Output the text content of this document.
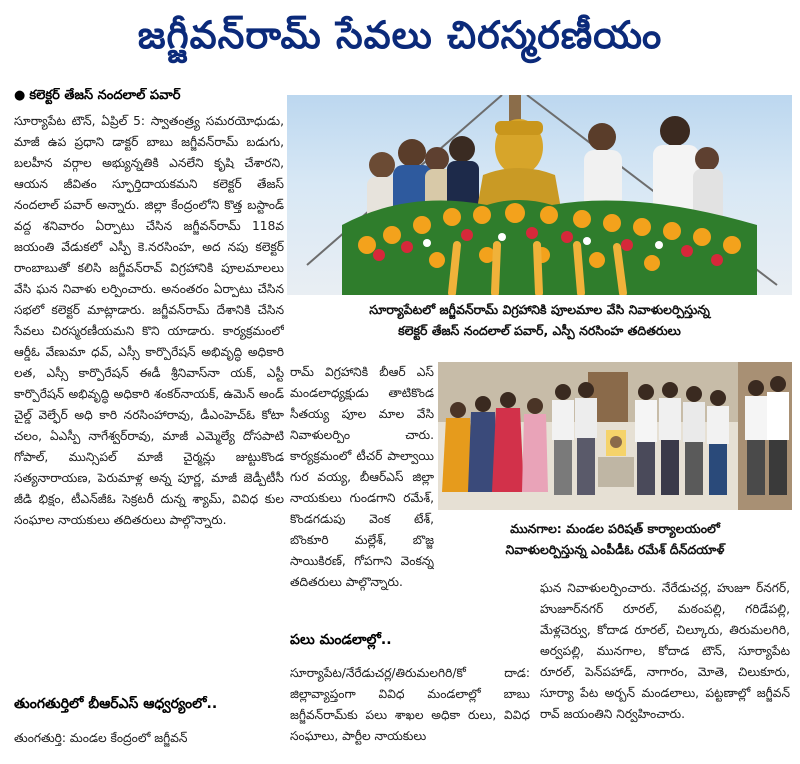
జగ్జీవన్‌రామ్ సేవలు చిరస్మరణీయం
● కలెక్టర్ తేజస్ నందలాల్ పవార్

సూర్యాపేట టౌన్, ఏప్రిల్ 5: స్వాతంత్ర్య సమరయోధుడు, మాజీ ఉప ప్రధాని డాక్టర్ బాబు జగ్జీవన్‌రామ్ బడుగు, బలహీన వర్గాల అభ్యున్నతికి ఎనలేని కృషి చేశారని, ఆయన జీవితం స్ఫూర్తిదాయకమని కలెక్టర్ తేజస్ నందలాల్ పవార్ అన్నారు. జిల్లా కేంద్రంలోని కొత్త బస్టాండ్ వద్ద శనివారం ఏర్పాటు చేసిన జగ్జీవన్‌రామ్ 118వ జయంతి వేడుకలో ఎస్పీ కె.నరసింహ, అద నపు కలెక్టర్ రాంబాబుతో కలిసి జగ్జీవన్‌రావ్ విగ్రహానికి పూలమాలలు వేసి ఘన నివాళు లర్పించారు. అనంతరం ఏర్పాటు చేసిన సభలో కలెక్టర్ మాట్లాడారు. జగ్జీవన్‌రామ్ దేశానికి చేసిన సేవలు చిరస్మరణీయమని కొని యాడారు. కార్యక్రమంలో ఆర్డీఓ వేణుమా ధవ్, ఎస్సీ కార్పొరేషన్ అభివృద్ధి అధికారి లత, ఎస్సీ కార్పొరేషన్ ఈడీ శ్రీనివాస్‌నా యక్, ఎస్టీ కార్పొరేషన్ అభివృద్ధి అధికారి శంకర్‌నాయక్, ఉమెన్ అండ్ చైల్డ్ వెల్ఫేర్ అధి కారి నరసింహారావు, డీఎంహెచ్ఓ కోటా చలం, ఏఎస్పీ నాగేశ్వర్‌రావు, మాజీ ఎమ్మెల్యే దోసపాటి గోపాల్, మున్సిపల్ మాజీ చైర్మన్లు జుట్టుకొండ సత్యనారాయణ, పెరుమాళ్ల అన్న పూర్ణ, మాజీ జెడ్పీటీసీ జీడి భిక్షం, టీఎన్‌జీఓ సెక్రటరీ దున్న శ్యామ్, వివిధ కుల సంఘాల నాయకులు తదితరులు పాల్గొన్నారు.

తుంగతుర్తిలో బీఆర్ఎస్ ఆధ్వర్యంలో..

తుంగతుర్తి: మండల కేంద్రంలో జగ్జీవన్

సూర్యాపేటలో జగ్జీవన్‌రామ్ విగ్రహానికి పూలమాల వేసి నివాళులర్పిస్తున్న
కలెక్టర్ తేజస్ నందలాల్ పవార్, ఎస్పీ నరసింహ తదితరులు

రామ్ విగ్రహానికి బీఆర్ ఎస్ మండలాధ్యక్షుడు తాటికొండ సీతయ్య పూల మాల వేసి నివాళులర్పిం చారు. కార్యక్రమంలో టీచర్ పాల్వాయి గుర వయ్య, బీఆర్ఎస్ జిల్లా నాయకులు గుండగాని రమేశ్, కొండగడుపు వెంక టేశ్, బొంకూరి మల్లేశ్, బొజ్జ సాయికిరణ్, గోపగాని వెంకన్న తదితరులు పాల్గొన్నారు.

మునగాల: మండల పరిషత్ కార్యాలయంలో
నివాళులర్పిస్తున్న ఎంపీడీఓ రమేశ్ దీన్‌దయాళ్
పలు మండలాల్లో..

సూర్యాపేట/నేరేడుచర్ల/తిరుమలగిరి/కో దాడ: జిల్లావ్యాప్తంగా వివిధ మండలాల్లో బాబు జగ్జీవన్‌రామ్‌కు పలు శాఖల అధికా రులు, వివిధ సంఘాలు, పార్టీల నాయకులు

ఘన నివాళులర్పించారు. నేరేడుచర్ల, హుజూ ర్‌నగర్, హుజూర్‌నగర్ రూరల్, మఠంపల్లి, గరిడేపల్లి, మేళ్లచెర్వు, కోదాడ రూరల్, చిల్కూరు, తిరుమలగిరి, అర్వపల్లి, మునగాల, కోదాడ టౌన్, సూర్యాపేట రూరల్, పెన్‌పహాడ్, నాగారం, మోతె, చిలుకూరు, సూర్యా పేట అర్బన్ మండలాలు, పట్టణాల్లో జగ్జీవన్ రావ్ జయంతిని నిర్వహించారు.
